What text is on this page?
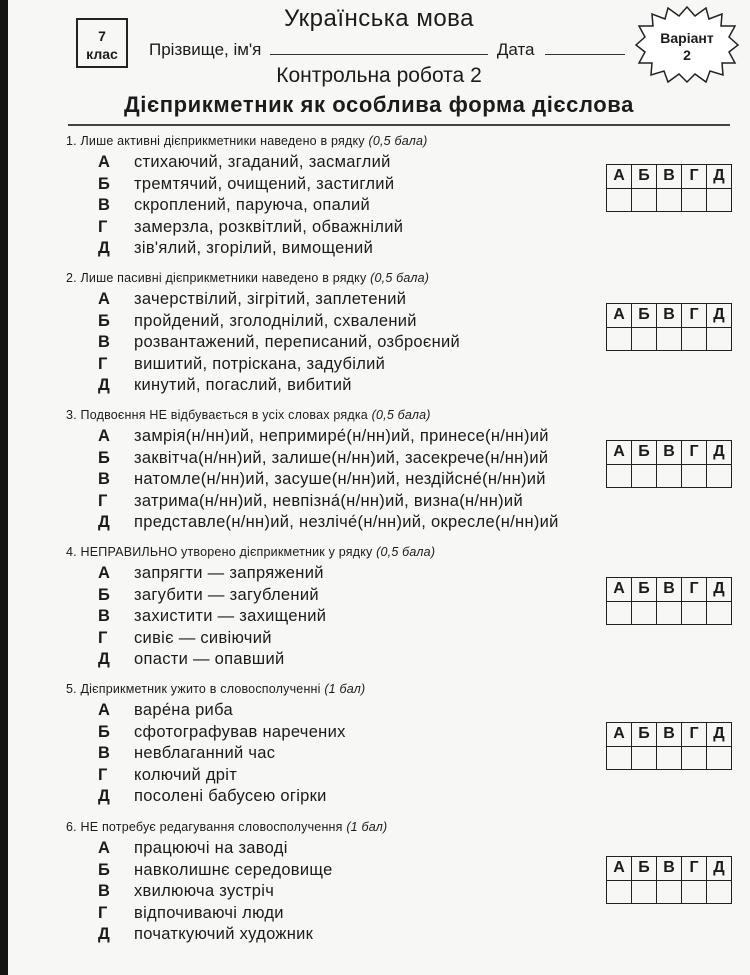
7
клас
Українська мова
Прізвище, ім'я	Дата
Варіант
2
Контрольна робота 2
Дієприкметник як особлива форма дієслова
1. Лише активні дієприкметники наведено в рядку (0,5 бала)
А стихаючий, згаданий, засмаглий
Б тремтячий, очищений, застиглий
В скроплений, паруюча, опалий
Г замерзла, розквітлий, обважнілий
Д зів'ялий, згорілий, вимощений
А	Б	В	Г	Д

2. Лише пасивні дієприкметники наведено в рядку (0,5 бала)
А зачерствілий, зігрітий, заплетений
Б пройдений, зголоднілий, схвалений
В розвантажений, переписаний, озброєний
Г вишитий, потріскана, задубілий
Д кинутий, погаслий, вибитий
А	Б	В	Г	Д

3. Подвоєння НЕ відбувається в усіх словах рядка (0,5 бала)
А замрія(н/нн)ий, непримире́(н/нн)ий, принесе(н/нн)ий
Б заквітча(н/нн)ий, залише(н/нн)ий, засекрече(н/нн)ий
В натомле(н/нн)ий, засуше(н/нн)ий, нездійсне́(н/нн)ий
Г затрима(н/нн)ий, невпізна́(н/нн)ий, визна(н/нн)ий
Д представле(н/нн)ий, незліче́(н/нн)ий, окресле(н/нн)ий
А	Б	В	Г	Д

4. НЕПРАВИЛЬНО утворено дієприкметник у рядку (0,5 бала)
А запрягти — запряжений
Б загубити — загублений
В захистити — захищений
Г сивіє — сивіючий
Д опасти — опавший
А	Б	В	Г	Д

5. Дієприкметник ужито в словосполученні (1 бал)
А варе́на риба
Б сфотографував наречених
В невблаганний час
Г колючий дріт
Д посолені бабусею огірки
А	Б	В	Г	Д

6. НЕ потребує редагування словосполучення (1 бал)
А працюючі на заводі
Б навколишнє середовище
В хвилююча зустріч
Г відпочиваючі люди
Д початкуючий художник
А	Б	В	Г	Д
